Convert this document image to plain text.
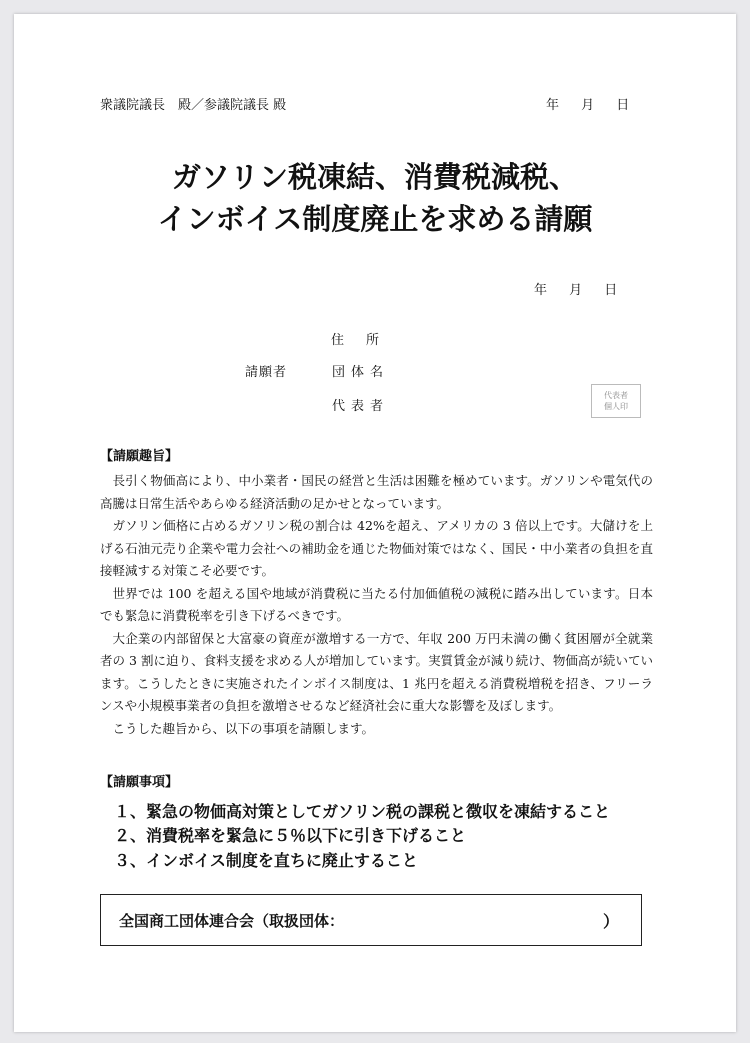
衆議院議長　殿／参議院議長 殿	年 月 日
ガソリン税凍結、消費税減税、
インボイス制度廃止を求める請願
年 月 日
住所
請願者	団体名
代表者
代表者
個人印
【請願趣旨】

長引く物価高により、中小業者・国民の経営と生活は困難を極めています。ガソリンや電気代の高騰は日常生活やあらゆる経済活動の足かせとなっています。

ガソリン価格に占めるガソリン税の割合は 42%を超え、アメリカの 3 倍以上です。大儲けを上げる石油元売り企業や電力会社への補助金を通じた物価対策ではなく、国民・中小業者の負担を直接軽減する対策こそ必要です。

世界では 100 を超える国や地域が消費税に当たる付加価値税の減税に踏み出しています。日本でも緊急に消費税率を引き下げるべきです。

大企業の内部留保と大富豪の資産が激増する一方で、年収 200 万円未満の働く貧困層が全就業者の 3 割に迫り、食料支援を求める人が増加しています。実質賃金が減り続け、物価高が続いています。こうしたときに実施されたインボイス制度は、1 兆円を超える消費税増税を招き、フリーランスや小規模事業者の負担を激増させるなど経済社会に重大な影響を及ぼします。

こうした趣旨から、以下の事項を請願します。

【請願事項】
１、緊急の物価高対策としてガソリン税の課税と徴収を凍結すること
２、消費税率を緊急に５％以下に引き下げること
３、インボイス制度を直ちに廃止すること
全国商工団体連合会（取扱団体：	）
